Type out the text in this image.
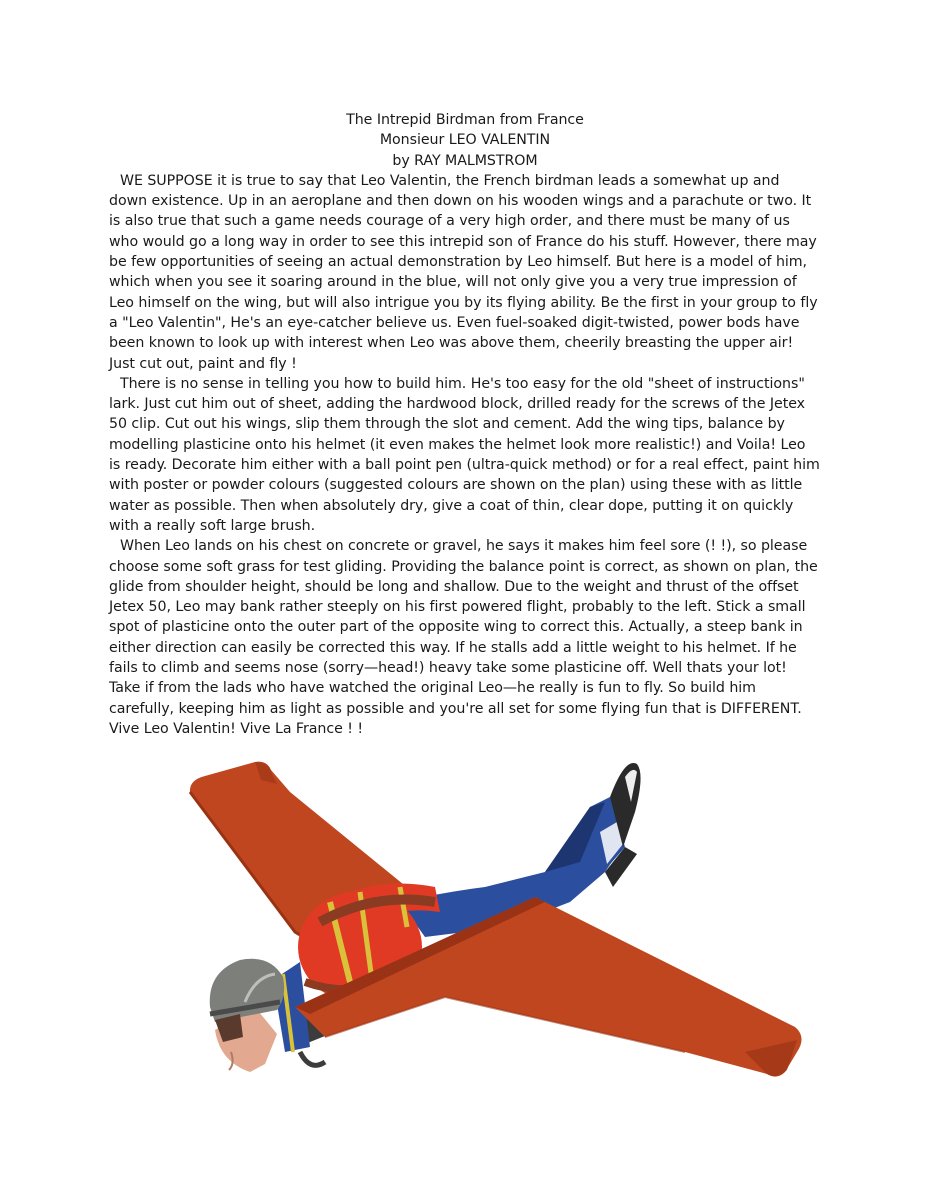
The Intrepid Birdman from France

Monsieur LEO VALENTIN

by RAY MALMSTROM

WE SUPPOSE it is true to say that Leo Valentin, the French birdman leads a somewhat up and down existence. Up in an aeroplane and then down on his wooden wings and a parachute or two. It is also true that such a game needs courage of a very high order, and there must be many of us who would go a long way in order to see this intrepid son of France do his stuff. However, there may be few opportunities of seeing an actual demonstration by Leo himself. But here is a model of him, which when you see it soaring around in the blue, will not only give you a very true impression of Leo himself on the wing, but will also intrigue you by its flying ability. Be the first in your group to fly a "Leo Valentin", He's an eye-catcher believe us. Even fuel-soaked digit-twisted, power bods have been known to look up with interest when Leo was above them, cheerily breasting the upper air!

Just cut out, paint and fly !

There is no sense in telling you how to build him. He's too easy for the old "sheet of instructions" lark. Just cut him out of sheet, adding the hardwood block, drilled ready for the screws of the Jetex 50 clip. Cut out his wings, slip them through the slot and cement. Add the wing tips, balance by modelling plasticine onto his helmet (it even makes the helmet look more realistic!) and Voila! Leo is ready. Decorate him either with a ball point pen (ultra-quick method) or for a real effect, paint him with poster or powder colours (suggested colours are shown on the plan) using these with as little water as possible. Then when absolutely dry, give a coat of thin, clear dope, putting it on quickly with a really soft large brush.

When Leo lands on his chest on concrete or gravel, he says it makes him feel sore (! !), so please choose some soft grass for test gliding. Providing the balance point is correct, as shown on plan, the glide from shoulder height, should be long and shallow. Due to the weight and thrust of the offset Jetex 50, Leo may bank rather steeply on his first powered flight, probably to the left. Stick a small spot of plasticine onto the outer part of the opposite wing to correct this. Actually, a steep bank in either direction can easily be corrected this way. If he stalls add a little weight to his helmet. If he fails to climb and seems nose (sorry—head!) heavy take some plasticine off. Well thats your lot! Take if from the lads who have watched the original Leo—he really is fun to fly. So build him carefully, keeping him as light as possible and you're all set for some flying fun that is DIFFERENT. Vive Leo Valentin! Vive La France ! !
